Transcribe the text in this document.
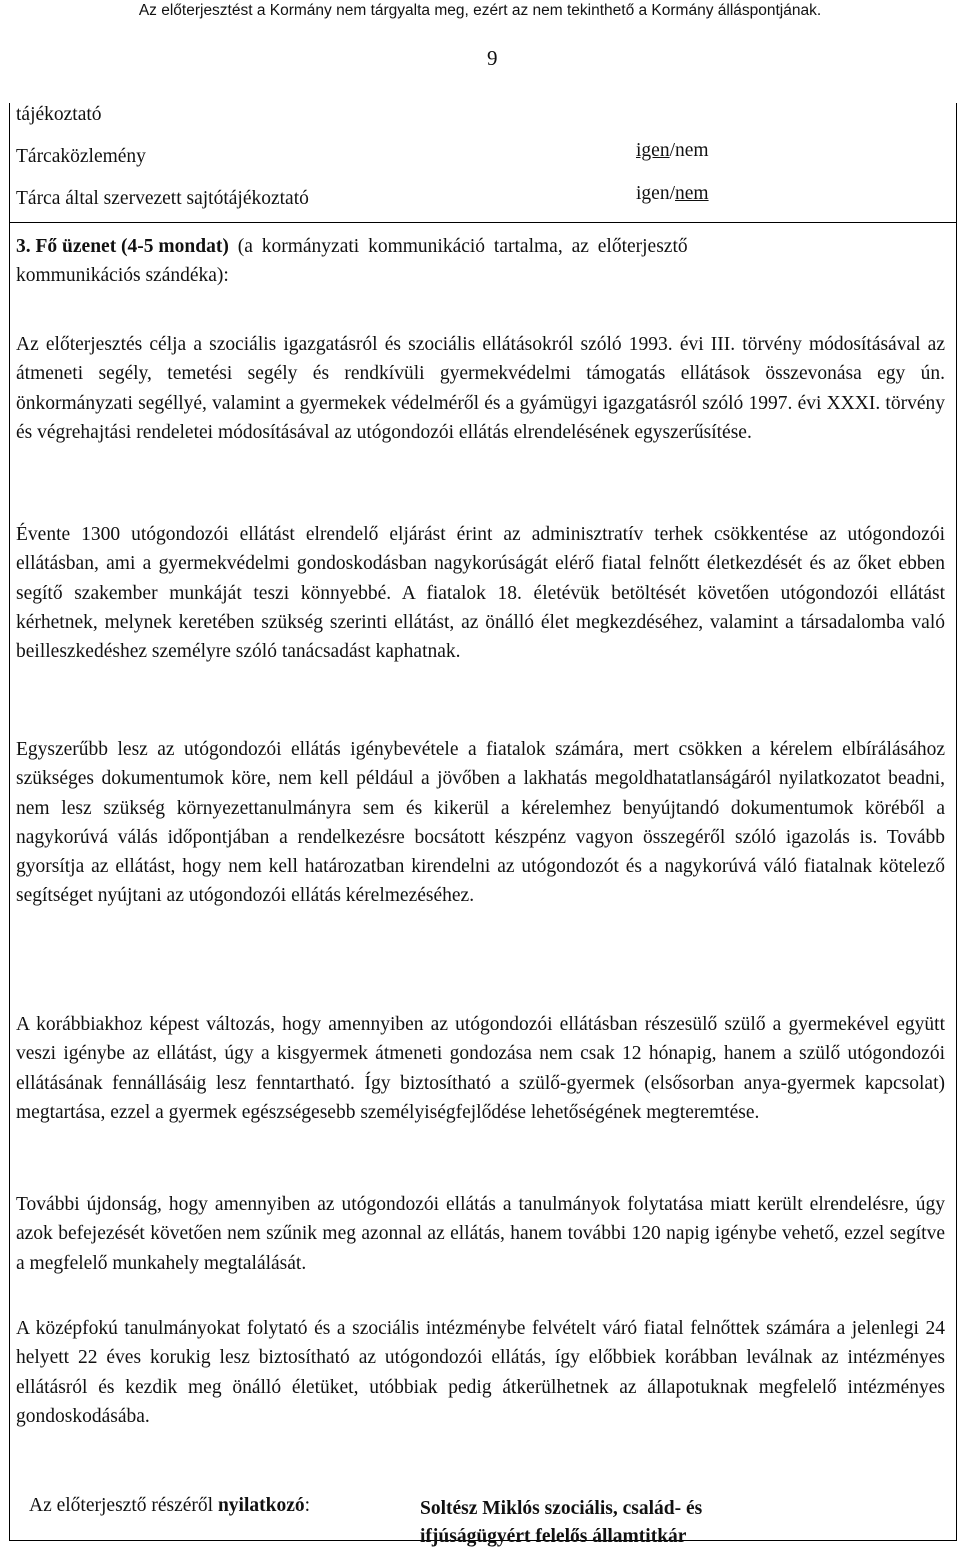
Az előterjesztést a Kormány nem tárgyalta meg, ezért az nem tekinthető a Kormány álláspontjának.
9
tájékoztató
Tárcaközlemény	igen/nem
Tárca által szervezett sajtótájékoztató	igen/nem
3. Fő üzenet (4-5 mondat) (a kormányzati kommunikáció tartalma, az előterjesztő
kommunikációs szándéka):

Az előterjesztés célja a szociális igazgatásról és szociális ellátásokról szóló 1993. évi III. törvény módosításával az átmeneti segély, temetési segély és rendkívüli gyermekvédelmi támogatás ellátások összevonása egy ún. önkormányzati segéllyé, valamint a gyermekek védelméről és a gyámügyi igazgatásról szóló 1997. évi XXXI. törvény és végrehajtási rendeletei módosításával az utógondozói ellátás elrendelésének egyszerűsítése.

Évente 1300 utógondozói ellátást elrendelő eljárást érint az adminisztratív terhek csökkentése az utógondozói ellátásban, ami a gyermekvédelmi gondoskodásban nagykorúságát elérő fiatal felnőtt életkezdését és az őket ebben segítő szakember munkáját teszi könnyebbé. A fiatalok 18. életévük betöltését követően utógondozói ellátást kérhetnek, melynek keretében szükség szerinti ellátást, az önálló élet megkezdéséhez, valamint a társadalomba való beilleszkedéshez személyre szóló tanácsadást kaphatnak.

Egyszerűbb lesz az utógondozói ellátás igénybevétele a fiatalok számára, mert csökken a kérelem elbírálásához szükséges dokumentumok köre, nem kell például a jövőben a lakhatás megoldhatatlanságáról nyilatkozatot beadni, nem lesz szükség környezettanulmányra sem és kikerül a kérelemhez benyújtandó dokumentumok köréből a nagykorúvá válás időpontjában a rendelkezésre bocsátott készpénz vagyon összegéről szóló igazolás is. Tovább gyorsítja az ellátást, hogy nem kell határozatban kirendelni az utógondozót és a nagykorúvá váló fiatalnak kötelező segítséget nyújtani az utógondozói ellátás kérelmezéséhez.

A korábbiakhoz képest változás, hogy amennyiben az utógondozói ellátásban részesülő szülő a gyermekével együtt veszi igénybe az ellátást, úgy a kisgyermek átmeneti gondozása nem csak 12 hónapig, hanem a szülő utógondozói ellátásának fennállásáig lesz fenntartható. Így biztosítható a szülő-gyermek (elsősorban anya-gyermek kapcsolat) megtartása, ezzel a gyermek egészségesebb személyiségfejlődése lehetőségének megteremtése.

További újdonság, hogy amennyiben az utógondozói ellátás a tanulmányok folytatása miatt került elrendelésre, úgy azok befejezését követően nem szűnik meg azonnal az ellátás, hanem további 120 napig igénybe vehető, ezzel segítve a megfelelő munkahely megtalálását.

A középfokú tanulmányokat folytató és a szociális intézménybe felvételt váró fiatal felnőttek számára a jelenlegi 24 helyett 22 éves korukig lesz biztosítható az utógondozói ellátás, így előbbiek korábban leválnak az intézményes ellátásról és kezdik meg önálló életüket, utóbbiak pedig átkerülhetnek az állapotuknak megfelelő intézményes gondoskodásába.

Az előterjesztő részéről nyilatkozó:	Soltész Miklós szociális, család- és
ifjúságügyért felelős államtitkár
